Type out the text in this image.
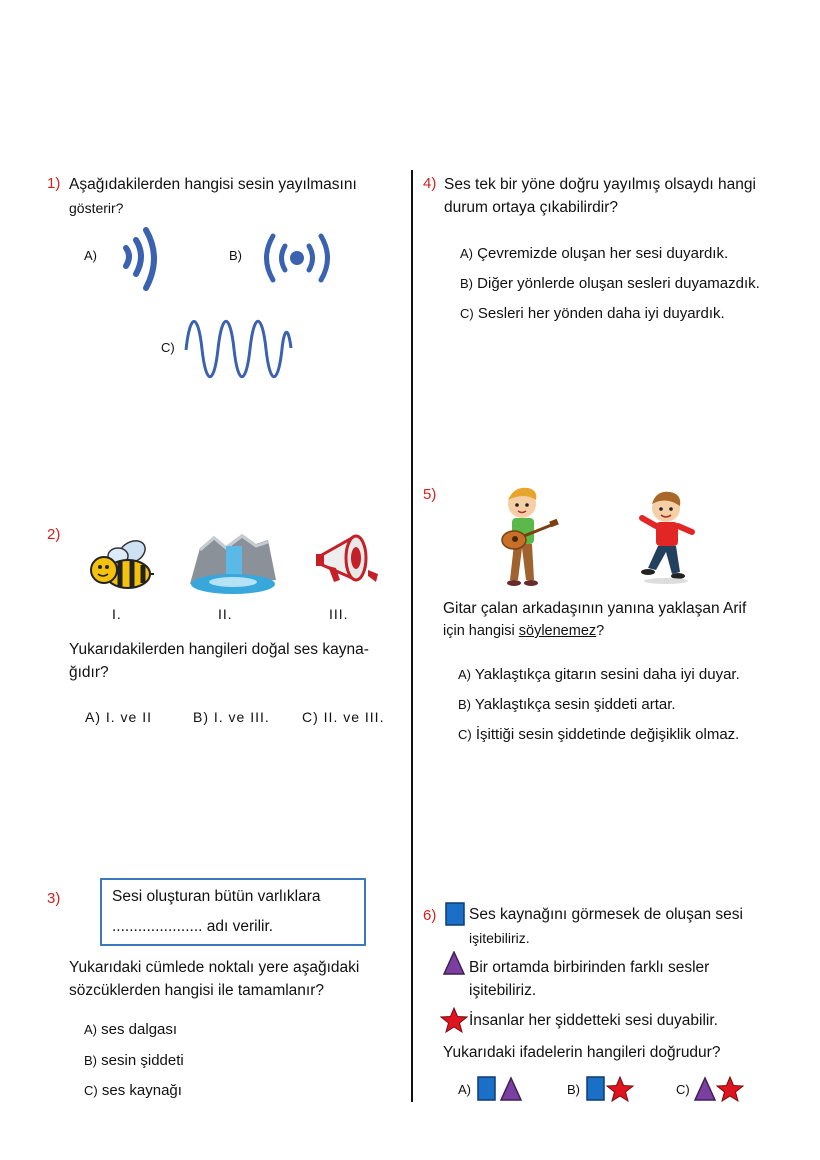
1) Aşağıdakilerden hangisi sesin yayılmasını
gösterir?
A)	B)
C)
2)
I.	II.	III.
Yukarıdakilerden hangileri doğal ses kayna-
ğıdır?
A) I. ve II	B) I. ve III. C) II. ve III.
3)	Sesi oluşturan bütün varlıklara
..................... adı verilir.
Yukarıdaki cümlede noktalı yere aşağıdaki
sözcüklerden hangisi ile tamamlanır?
A) ses dalgası
B) sesin şiddeti
C) ses kaynağı
4) Ses tek bir yöne doğru yayılmış olsaydı hangi
durum ortaya çıkabilirdir?
A) Çevremizde oluşan her sesi duyardık.
B) Diğer yönlerde oluşan sesleri duyamazdık.
C) Sesleri her yönden daha iyi duyardık.
5)
Gitar çalan arkadaşının yanına yaklaşan Arif
için hangisi söylenemez?
A) Yaklaştıkça gitarın sesini daha iyi duyar.
B) Yaklaştıkça sesin şiddeti artar.
C) İşittiği sesin şiddetinde değişiklik olmaz.
6) Ses kaynağını görmesek de oluşan sesi
işitebiliriz.
Bir ortamda birbirinden farklı sesler
işitebiliriz.
İnsanlar her şiddetteki sesi duyabilir.
Yukarıdaki ifadelerin hangileri doğrudur?
A)	B)	C)
